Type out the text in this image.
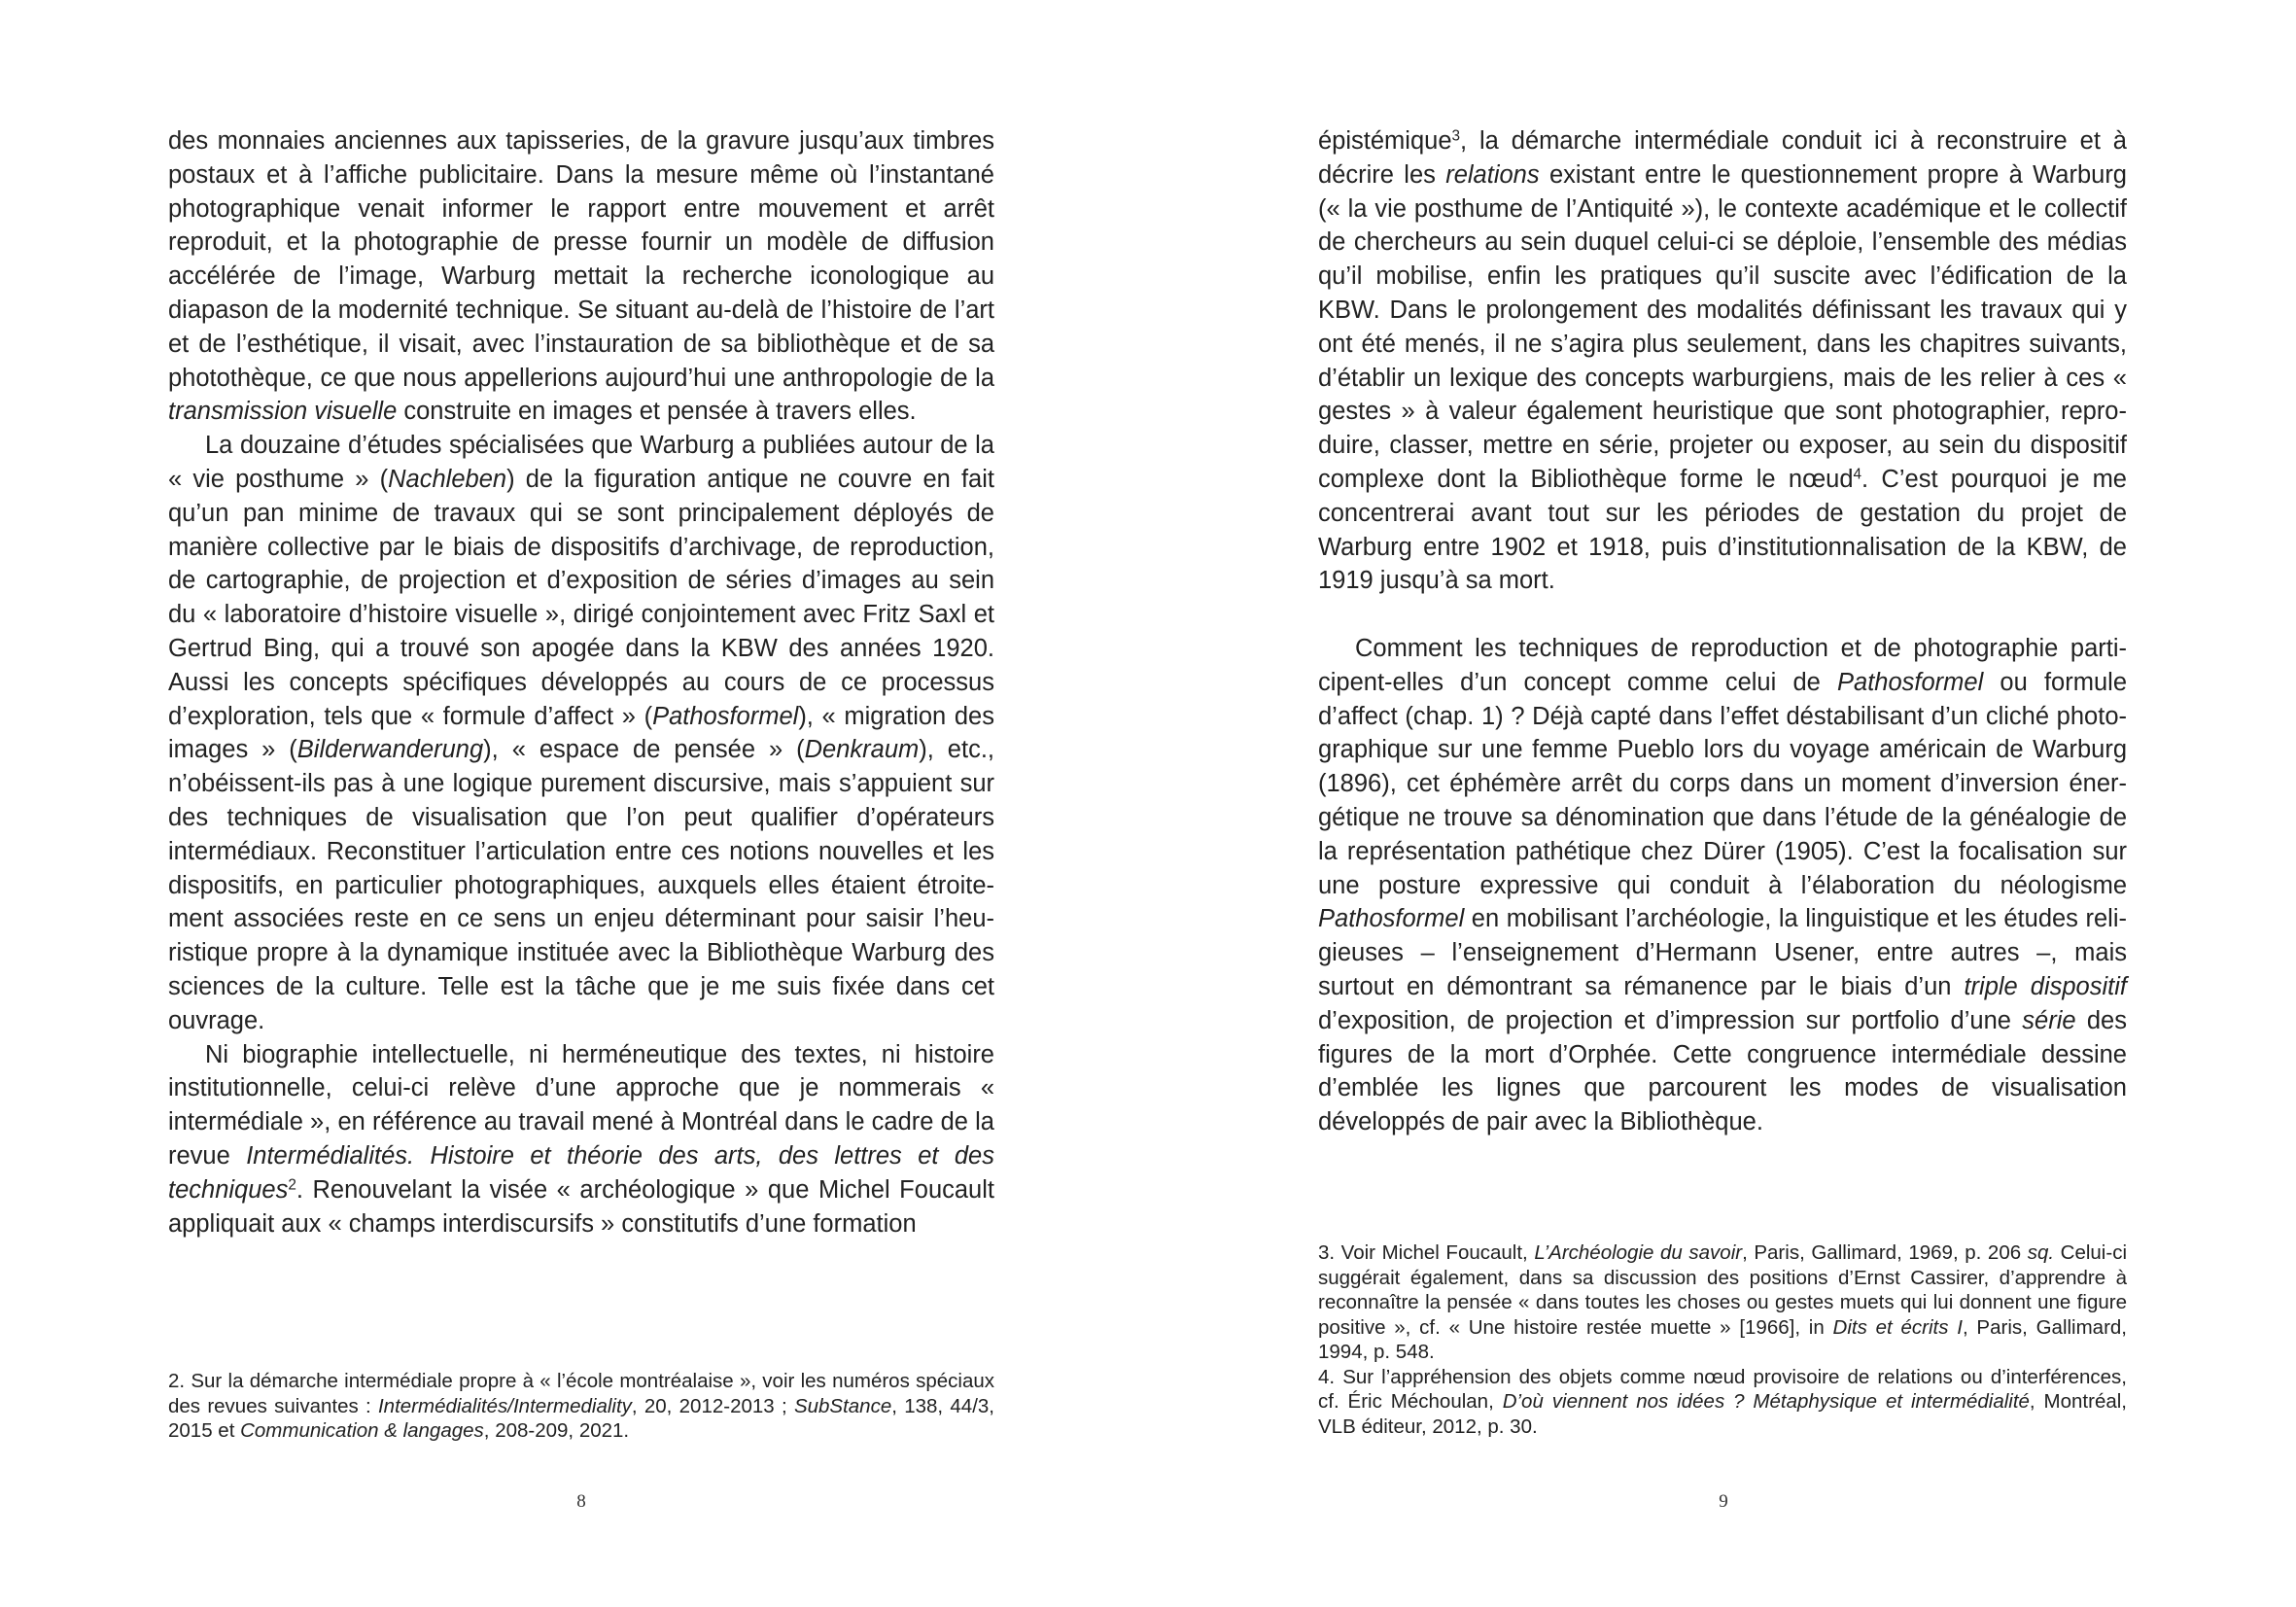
des monnaies anciennes aux tapisseries, de la gravure jusqu’aux timbres postaux et à l’affiche publicitaire. Dans la mesure même où l’instantané photographique venait informer le rapport entre mouvement et arrêt reproduit, et la photographie de presse fournir un modèle de diffusion accélérée de l’image, Warburg mettait la recherche iconologique au diapason de la modernité technique. Se situant au-delà de l’histoire de l’art et de l’esthétique, il visait, avec l’instauration de sa bibliothèque et de sa photothèque, ce que nous appellerions aujourd’hui une anthropologie de la transmission visuelle construite en images et pensée à travers elles.

La douzaine d’études spécialisées que Warburg a publiées autour de la « vie posthume » (Nachleben) de la figuration antique ne couvre en fait qu’un pan minime de travaux qui se sont principalement déployés de manière collective par le biais de dispositifs d’archivage, de reproduction, de cartographie, de projection et d’exposition de séries d’images au sein du « laboratoire d’histoire visuelle », dirigé conjointement avec Fritz Saxl et Gertrud Bing, qui a trouvé son apogée dans la KBW des années 1920. Aussi les concepts spécifiques développés au cours de ce processus d’exploration, tels que « formule d’affect » (Pathosformel), « migration des images » (Bilderwanderung), « espace de pensée » (Denkraum), etc., n’obéissent-ils pas à une logique purement discursive, mais s’appuient sur des techniques de visualisation que l’on peut qualifier d’opérateurs intermédiaux. Reconstituer l’articulation entre ces notions nouvelles et les dispositifs, en particulier photographiques, auxquels elles étaient étroitement associées reste en ce sens un enjeu déterminant pour saisir l’heuristique propre à la dynamique instituée avec la Bibliothèque Warburg des sciences de la culture. Telle est la tâche que je me suis fixée dans cet ouvrage.

Ni biographie intellectuelle, ni herméneutique des textes, ni histoire institutionnelle, celui-ci relève d’une approche que je nommerais « intermédiale », en référence au travail mené à Montréal dans le cadre de la revue Intermédialités. Histoire et théorie des arts, des lettres et des techniques$^2$. Renouvelant la visée « archéologique » que Michel Foucault appliquait aux « champs interdiscursifs » constitutifs d’une formation

2. Sur la démarche intermédiale propre à « l’école montréalaise », voir les numéros spéciaux des revues suivantes : Intermédialités/Intermediality, 20, 2012-2013 ; SubStance, 138, 44/3, 2015 et Communication & langages, 208-209, 2021.

8

épistémique$^3$, la démarche intermédiale conduit ici à reconstruire et à décrire les relations existant entre le questionnement propre à Warburg (« la vie posthume de l’Antiquité »), le contexte académique et le collectif de chercheurs au sein duquel celui-ci se déploie, l’ensemble des médias qu’il mobilise, enfin les pratiques qu’il suscite avec l’édification de la KBW. Dans le prolongement des modalités définissant les travaux qui y ont été menés, il ne s’agira plus seulement, dans les chapitres suivants, d’établir un lexique des concepts warburgiens, mais de les relier à ces « gestes » à valeur également heuristique que sont photographier, reproduire, classer, mettre en série, projeter ou exposer, au sein du dispositif complexe dont la Bibliothèque forme le nœud$^4$. C’est pourquoi je me concentrerai avant tout sur les périodes de gestation du projet de Warburg entre 1902 et 1918, puis d’institutionnalisation de la KBW, de 1919 jusqu’à sa mort.

Comment les techniques de reproduction et de photographie participent-elles d’un concept comme celui de Pathosformel ou formule d’affect (chap. 1) ? Déjà capté dans l’effet déstabilisant d’un cliché photographique sur une femme Pueblo lors du voyage américain de Warburg (1896), cet éphémère arrêt du corps dans un moment d’inversion énergétique ne trouve sa dénomination que dans l’étude de la généalogie de la représentation pathétique chez Dürer (1905). C’est la focalisation sur une posture expressive qui conduit à l’élaboration du néologisme Pathosformel en mobilisant l’archéologie, la linguistique et les études religieuses – l’enseignement d’Hermann Usener, entre autres –, mais surtout en démontrant sa rémanence par le biais d’un triple dispositif d’exposition, de projection et d’impression sur portfolio d’une série des figures de la mort d’Orphée. Cette congruence intermédiale dessine d’emblée les lignes que parcourent les modes de visualisation développés de pair avec la Bibliothèque.

3. Voir Michel Foucault, L’Archéologie du savoir, Paris, Gallimard, 1969, p. 206 sq. Celui-ci suggérait également, dans sa discussion des positions d’Ernst Cassirer, d’apprendre à reconnaître la pensée « dans toutes les choses ou gestes muets qui lui donnent une figure positive », cf. « Une histoire restée muette » [1966], in Dits et écrits I, Paris, Gallimard, 1994, p. 548.

4. Sur l’appréhension des objets comme nœud provisoire de relations ou d’interférences, cf. Éric Méchoulan, D’où viennent nos idées ? Métaphysique et intermédialité, Montréal, VLB éditeur, 2012, p. 30.

9
